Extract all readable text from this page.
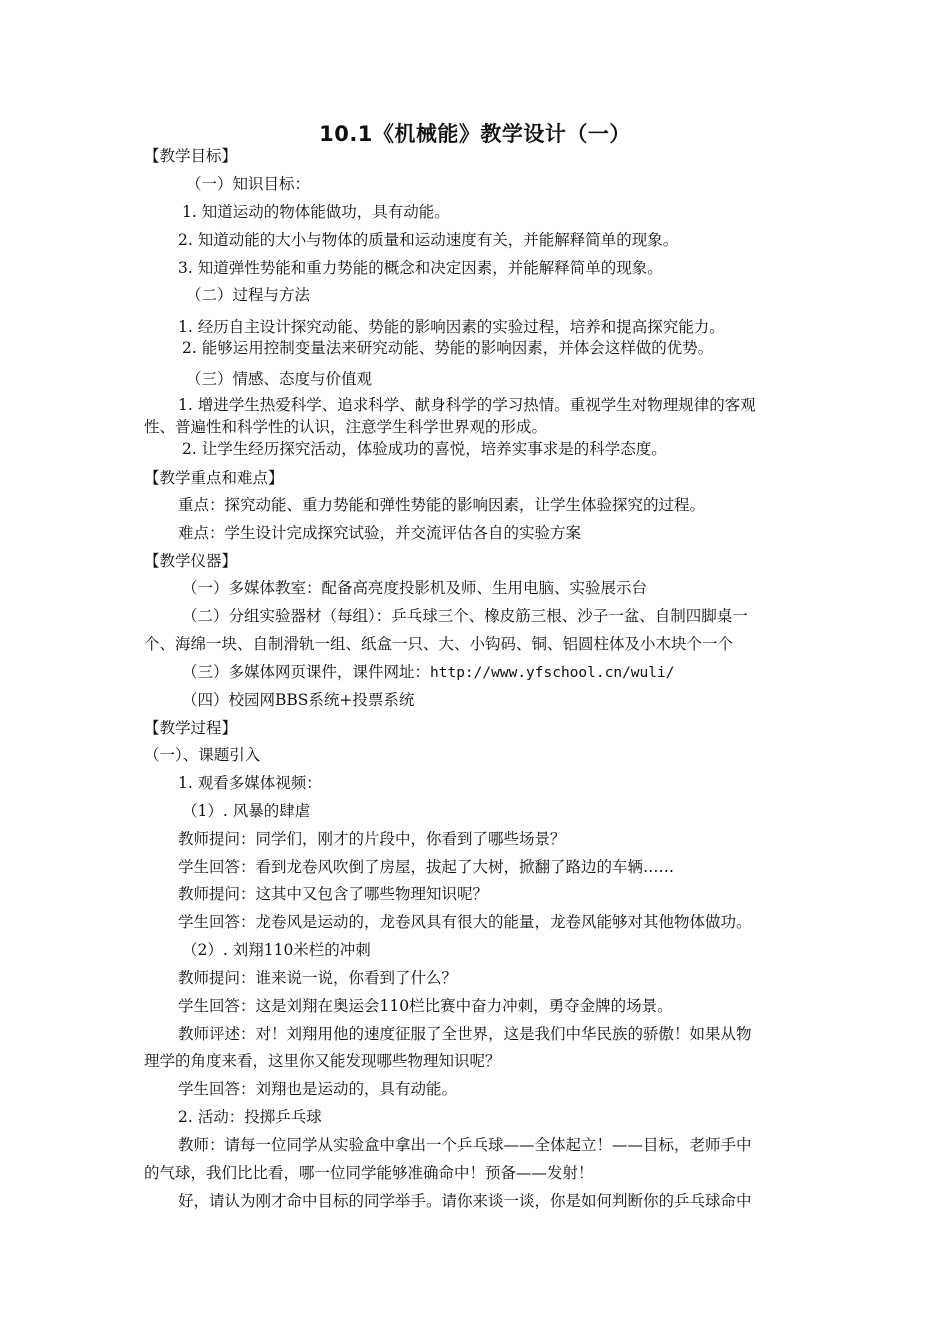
10.1《机械能》教学设计（一）
【教学目标】
（一）知识目标：
1. 知道运动的物体能做功，具有动能。
2. 知道动能的大小与物体的质量和运动速度有关，并能解释简单的现象。
3. 知道弹性势能和重力势能的概念和决定因素，并能解释简单的现象。
（二）过程与方法
1. 经历自主设计探究动能、势能的影响因素的实验过程，培养和提高探究能力。
2. 能够运用控制变量法来研究动能、势能的影响因素，并体会这样做的优势。
（三）情感、态度与价值观
1. 增进学生热爱科学、追求科学、献身科学的学习热情。重视学生对物理规律的客观
性、普遍性和科学性的认识，注意学生科学世界观的形成。
2. 让学生经历探究活动，体验成功的喜悦，培养实事求是的科学态度。
【教学重点和难点】
重点：探究动能、重力势能和弹性势能的影响因素，让学生体验探究的过程。
难点：学生设计完成探究试验，并交流评估各自的实验方案
【教学仪器】
（一）多媒体教室：配备高亮度投影机及师、生用电脑、实验展示台
（二）分组实验器材（每组）：乒乓球三个、橡皮筋三根、沙子一盆、自制四脚桌一
个、海绵一块、自制滑轨一组、纸盒一只、大、小钩码、铜、铝圆柱体及小木块个一个
（三）多媒体网页课件，课件网址：http://www.yfschool.cn/wuli/
（四）校园网BBS系统+投票系统
【教学过程】
（一）、课题引入
1. 观看多媒体视频：
（1）. 风暴的肆虐
教师提问：同学们，刚才的片段中，你看到了哪些场景？
学生回答：看到龙卷风吹倒了房屋，拔起了大树，掀翻了路边的车辆……
教师提问：这其中又包含了哪些物理知识呢？
学生回答：龙卷风是运动的，龙卷风具有很大的能量，龙卷风能够对其他物体做功。
（2）. 刘翔110米栏的冲刺
教师提问：谁来说一说，你看到了什么？
学生回答：这是刘翔在奥运会110栏比赛中奋力冲刺，勇夺金牌的场景。
教师评述：对！刘翔用他的速度征服了全世界，这是我们中华民族的骄傲！如果从物
理学的角度来看，这里你又能发现哪些物理知识呢？
学生回答：刘翔也是运动的，具有动能。
2. 活动：投掷乒乓球
教师：请每一位同学从实验盒中拿出一个乒乓球——全体起立！——目标，老师手中
的气球，我们比比看，哪一位同学能够准确命中！预备——发射！
好，请认为刚才命中目标的同学举手。请你来谈一谈，你是如何判断你的乒乓球命中
